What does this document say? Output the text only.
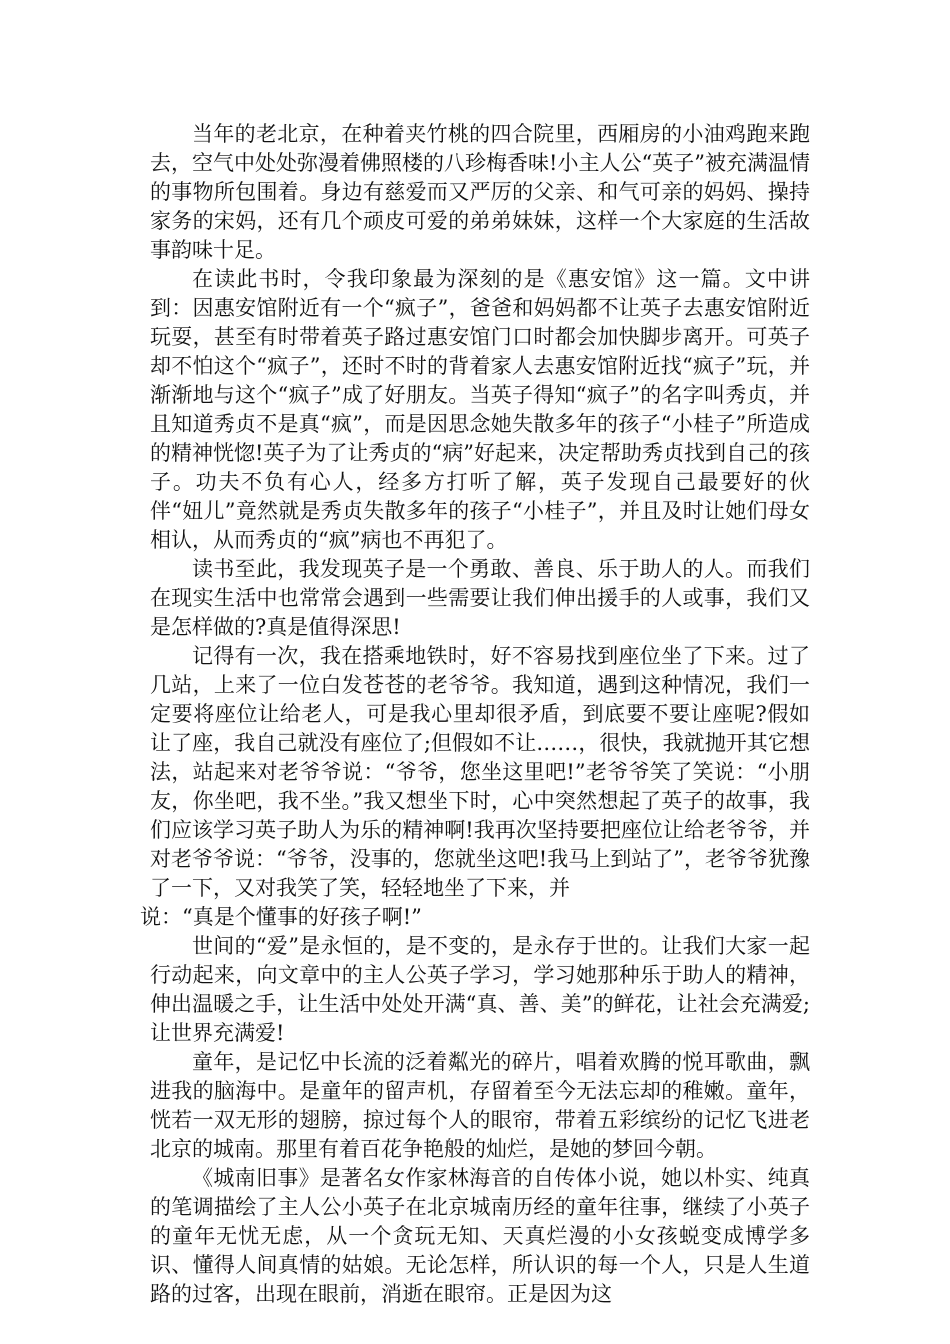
当年的老北京，在种着夹竹桃的四合院里，西厢房的小油鸡跑来跑去，空气中处处弥漫着佛照楼的八珍梅香味!小主人公“英子”被充满温情的事物所包围着。身边有慈爱而又严厉的父亲、和气可亲的妈妈、操持家务的宋妈，还有几个顽皮可爱的弟弟妹妹，这样一个大家庭的生活故事韵味十足。

在读此书时，令我印象最为深刻的是《惠安馆》这一篇。文中讲到：因惠安馆附近有一个“疯子”，爸爸和妈妈都不让英子去惠安馆附近玩耍，甚至有时带着英子路过惠安馆门口时都会加快脚步离开。可英子却不怕这个“疯子”，还时不时的背着家人去惠安馆附近找“疯子”玩，并渐渐地与这个“疯子”成了好朋友。当英子得知“疯子”的名字叫秀贞，并且知道秀贞不是真“疯”，而是因思念她失散多年的孩子“小桂子”所造成的精神恍惚!英子为了让秀贞的“病”好起来，决定帮助秀贞找到自己的孩子。功夫不负有心人，经多方打听了解，英子发现自己最要好的伙伴“妞儿”竟然就是秀贞失散多年的孩子“小桂子”，并且及时让她们母女相认，从而秀贞的“疯”病也不再犯了。

读书至此，我发现英子是一个勇敢、善良、乐于助人的人。而我们在现实生活中也常常会遇到一些需要让我们伸出援手的人或事，我们又是怎样做的?真是值得深思!

记得有一次，我在搭乘地铁时，好不容易找到座位坐了下来。过了几站，上来了一位白发苍苍的老爷爷。我知道，遇到这种情况，我们一定要将座位让给老人，可是我心里却很矛盾，到底要不要让座呢?假如让了座，我自己就没有座位了;但假如不让……，很快，我就抛开其它想法，站起来对老爷爷说：“爷爷，您坐这里吧!”老爷爷笑了笑说：“小朋友，你坐吧，我不坐。”我又想坐下时，心中突然想起了英子的故事，我们应该学习英子助人为乐的精神啊!我再次坚持要把座位让给老爷爷，并对老爷爷说：“爷爷，没事的，您就坐这吧!我马上到站了”，老爷爷犹豫了一下，又对我笑了笑，轻轻地坐了下来，并

说：“真是个懂事的好孩子啊!”

世间的“爱”是永恒的，是不变的，是永存于世的。让我们大家一起行动起来，向文章中的主人公英子学习，学习她那种乐于助人的精神，伸出温暖之手，让生活中处处开满“真、善、美”的鲜花，让社会充满爱;让世界充满爱!

童年，是记忆中长流的泛着粼光的碎片，唱着欢腾的悦耳歌曲，飘进我的脑海中。是童年的留声机，存留着至今无法忘却的稚嫩。童年，恍若一双无形的翅膀，掠过每个人的眼帘，带着五彩缤纷的记忆飞进老北京的城南。那里有着百花争艳般的灿烂，是她的梦回今朝。

《城南旧事》是著名女作家林海音的自传体小说，她以朴实、纯真的笔调描绘了主人公小英子在北京城南历经的童年往事，继续了小英子的童年无忧无虑，从一个贪玩无知、天真烂漫的小女孩蜕变成博学多识、懂得人间真情的姑娘。无论怎样，所认识的每一个人，只是人生道路的过客，出现在眼前，消逝在眼帘。正是因为这
